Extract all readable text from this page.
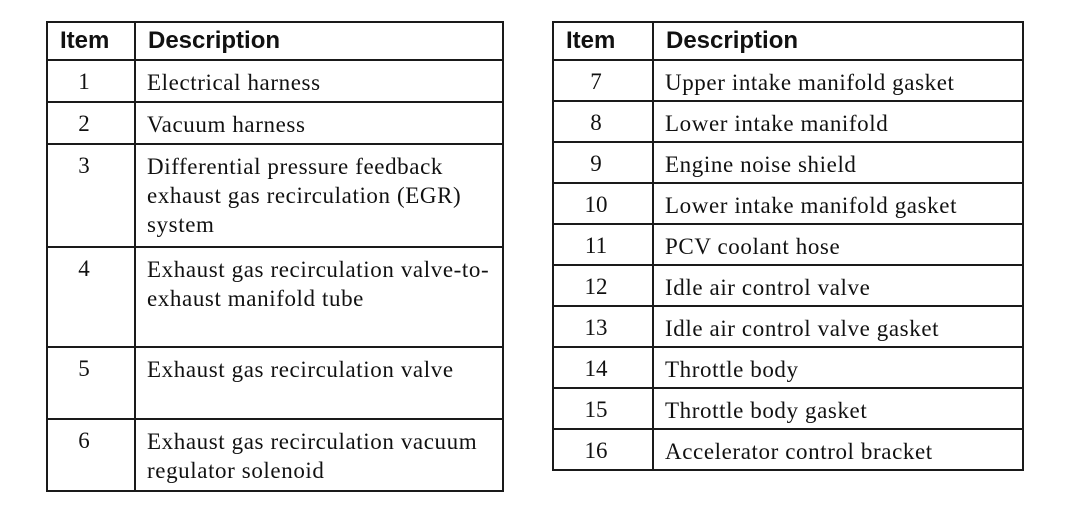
Item	Description
1	Electrical harness
2	Vacuum harness
3	Differential pressure feedback exhaust gas recirculation (EGR) system
4	Exhaust gas recirculation valve-to-exhaust manifold tube
5	Exhaust gas recirculation valve
6	Exhaust gas recirculation vacuum regulator solenoid
Item	Description
7	Upper intake manifold gasket
8	Lower intake manifold
9	Engine noise shield
10	Lower intake manifold gasket
11	PCV coolant hose
12	Idle air control valve
13	Idle air control valve gasket
14	Throttle body
15	Throttle body gasket
16	Accelerator control bracket
